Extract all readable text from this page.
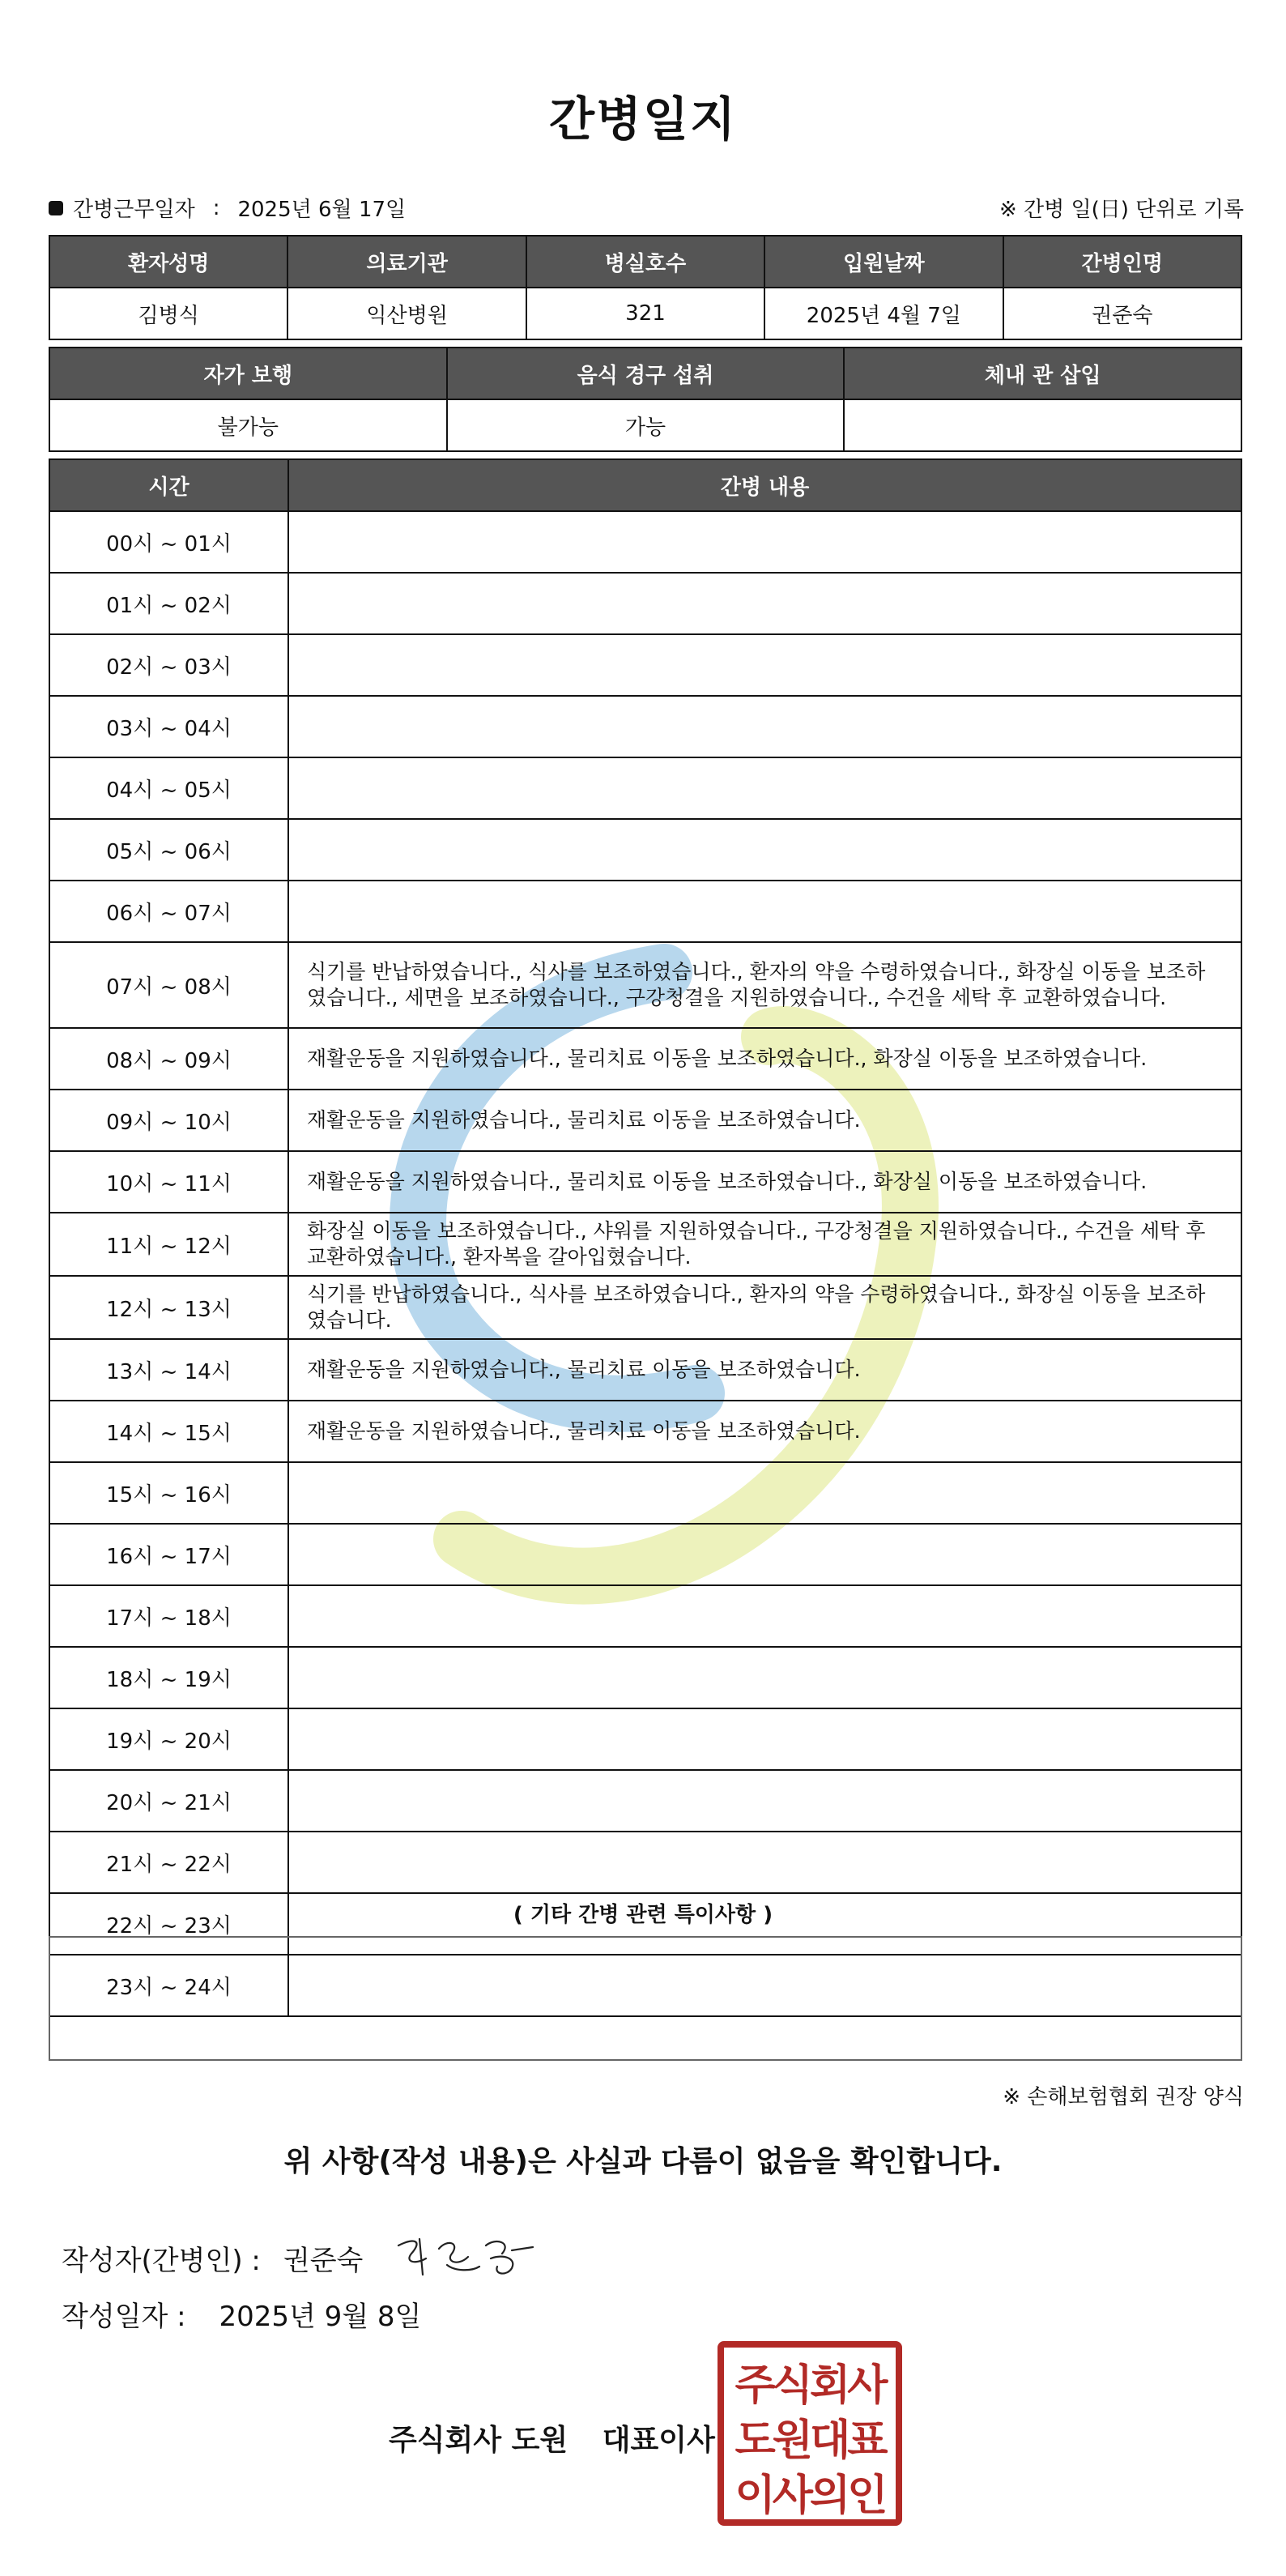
간병일지
간병근무일자 : 2025년 6월 17일	※ 간병 일(日) 단위로 기록
환자성명	의료기관	병실호수	입원날짜	간병인명
김병식	익산병원	321	2025년 4월 7일	권준숙
자가 보행	음식 경구 섭취	체내 관 삽입
불가능	가능	
시간	간병 내용
00시 ~ 01시	
01시 ~ 02시	
02시 ~ 03시	
03시 ~ 04시	
04시 ~ 05시	
05시 ~ 06시	
06시 ~ 07시	
07시 ~ 08시	식기를 반납하였습니다., 식사를 보조하였습니다., 환자의 약을 수령하였습니다., 화장실 이동을 보조하였습니다., 세면을 보조하였습니다., 구강청결을 지원하였습니다., 수건을 세탁 후 교환하였습니다.
08시 ~ 09시	재활운동을 지원하였습니다., 물리치료 이동을 보조하였습니다., 화장실 이동을 보조하였습니다.
09시 ~ 10시	재활운동을 지원하였습니다., 물리치료 이동을 보조하였습니다.
10시 ~ 11시	재활운동을 지원하였습니다., 물리치료 이동을 보조하였습니다., 화장실 이동을 보조하였습니다.
11시 ~ 12시	화장실 이동을 보조하였습니다., 샤워를 지원하였습니다., 구강청결을 지원하였습니다., 수건을 세탁 후 교환하였습니다., 환자복을 갈아입혔습니다.
12시 ~ 13시	식기를 반납하였습니다., 식사를 보조하였습니다., 환자의 약을 수령하였습니다., 화장실 이동을 보조하였습니다.
13시 ~ 14시	재활운동을 지원하였습니다., 물리치료 이동을 보조하였습니다.
14시 ~ 15시	재활운동을 지원하였습니다., 물리치료 이동을 보조하였습니다.
15시 ~ 16시	
16시 ~ 17시	
17시 ~ 18시	
18시 ~ 19시	
19시 ~ 20시	
20시 ~ 21시	
21시 ~ 22시	
22시 ~ 23시	
23시 ~ 24시	
( 기타 간병 관련 특이사항 )
※ 손해보험협회 권장 양식
위 사항(작성 내용)은 사실과 다름이 없음을 확인합니다.
작성자(간병인) : 권준숙
작성일자 : 2025년 9월 8일
주식회사 도원 대표이사
주식회사
도원대표
이사의인
